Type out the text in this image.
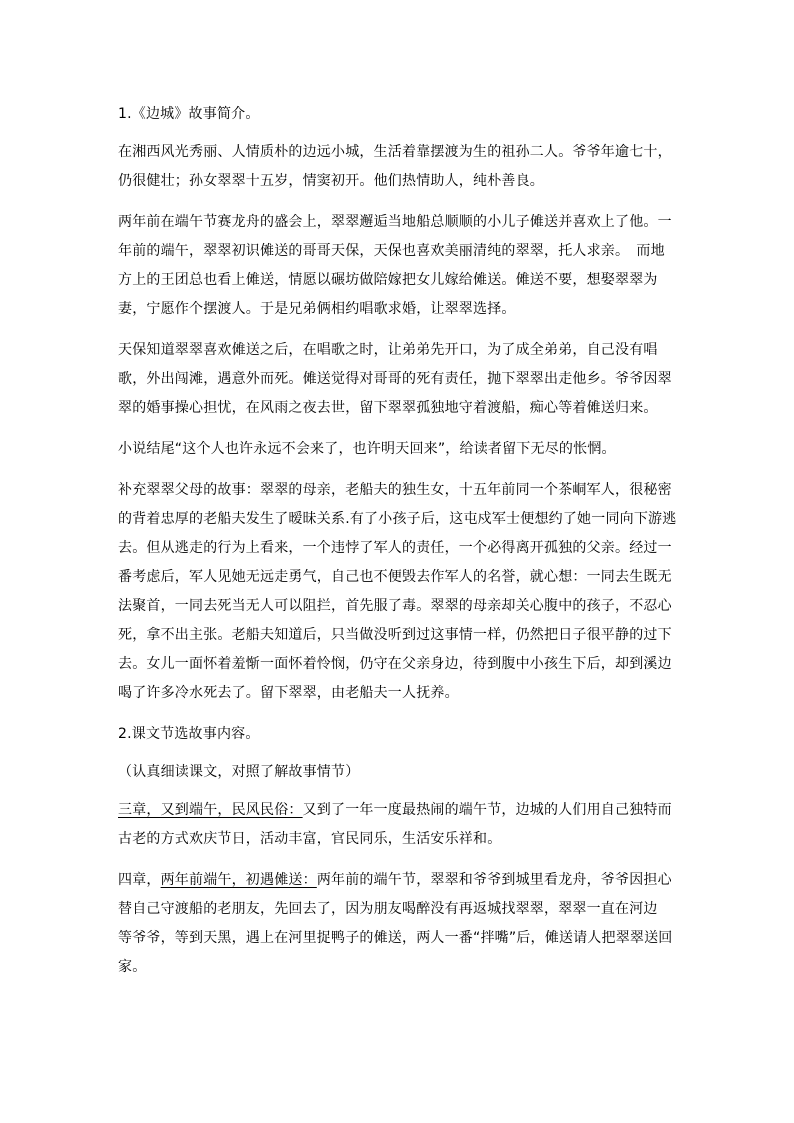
1.《边城》故事简介。

在湘西风光秀丽、人情质朴的边远小城，生活着靠摆渡为生的祖孙二人。爷爷年逾七十，仍很健壮；孙女翠翠十五岁，情窦初开。他们热情助人，纯朴善良。

两年前在端午节赛龙舟的盛会上，翠翠邂逅当地船总顺顺的小儿子傩送并喜欢上了他。一年前的端午，翠翠初识傩送的哥哥天保，天保也喜欢美丽清纯的翠翠，托人求亲。　而地方上的王团总也看上傩送，情愿以碾坊做陪嫁把女儿嫁给傩送。傩送不要，想娶翠翠为妻，宁愿作个摆渡人。于是兄弟俩相约唱歌求婚，让翠翠选择。

天保知道翠翠喜欢傩送之后，在唱歌之时，让弟弟先开口，为了成全弟弟，自己没有唱歌，外出闯滩，遇意外而死。傩送觉得对哥哥的死有责任，抛下翠翠出走他乡。爷爷因翠翠的婚事操心担忧，在风雨之夜去世，留下翠翠孤独地守着渡船，痴心等着傩送归来。

小说结尾“这个人也许永远不会来了，也许明天回来”，给读者留下无尽的怅惘。

补充翠翠父母的故事：翠翠的母亲，老船夫的独生女，十五年前同一个茶峒军人，很秘密的背着忠厚的老船夫发生了暧昧关系.有了小孩子后，这屯戍军士便想约了她一同向下游逃去。但从逃走的行为上看来，一个违悖了军人的责任，一个必得离开孤独的父亲。经过一番考虑后，军人见她无远走勇气，自己也不便毁去作军人的名誉，就心想：一同去生既无法聚首，一同去死当无人可以阻拦，首先服了毒。翠翠的母亲却关心腹中的孩子，不忍心死，拿不出主张。老船夫知道后，只当做没听到过这事情一样，仍然把日子很平静的过下去。女儿一面怀着羞惭一面怀着怜悯，仍守在父亲身边，待到腹中小孩生下后，却到溪边喝了许多冷水死去了。留下翠翠，由老船夫一人抚养。

2.课文节选故事内容。

（认真细读课文，对照了解故事情节）

三章，又到端午，民风民俗：又到了一年一度最热闹的端午节，边城的人们用自己独特而古老的方式欢庆节日，活动丰富，官民同乐，生活安乐祥和。

四章，两年前端午，初遇傩送：两年前的端午节，翠翠和爷爷到城里看龙舟，爷爷因担心替自己守渡船的老朋友，先回去了，因为朋友喝醉没有再返城找翠翠，翠翠一直在河边　等爷爷，等到天黑，遇上在河里捉鸭子的傩送，两人一番“拌嘴”后，傩送请人把翠翠送回家。
